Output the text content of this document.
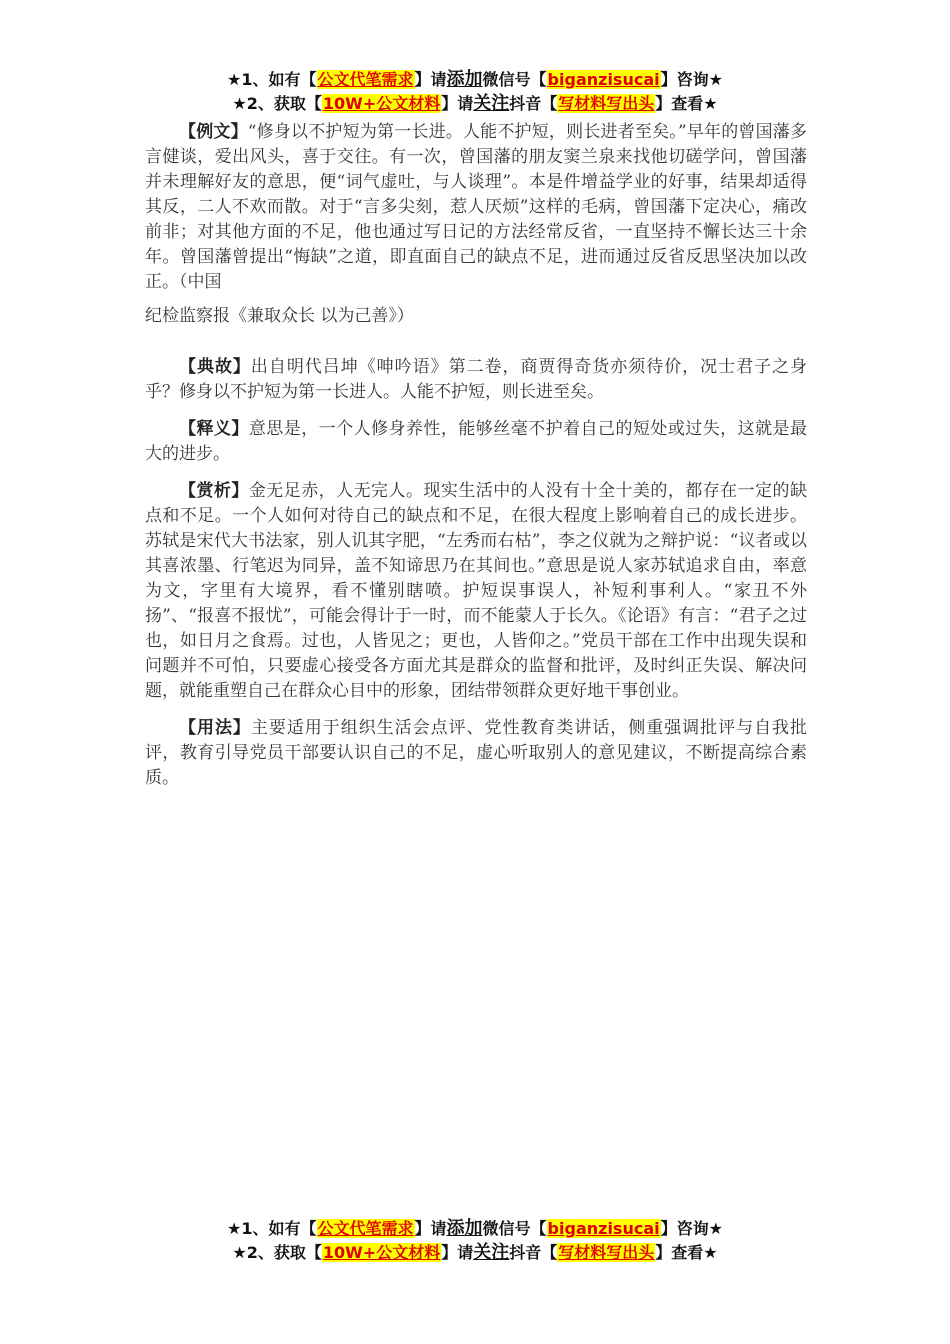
★1、如有【公文代笔需求】请添加微信号【biganzisucai】咨询★
★2、获取【10W+公文材料】请关注抖音【写材料写出头】查看★

【例文】“修身以不护短为第一长进。人能不护短，则长进者至矣。”早年的曾国藩多言健谈，爱出风头，喜于交往。有一次，曾国藩的朋友窦兰泉来找他切磋学问，曾国藩并未理解好友的意思，便“词气虚吐，与人谈理”。本是件增益学业的好事，结果却适得其反，二人不欢而散。对于“言多尖刻，惹人厌烦”这样的毛病，曾国藩下定决心，痛改前非；对其他方面的不足，他也通过写日记的方法经常反省，一直坚持不懈长达三十余年。曾国藩曾提出“悔缺”之道，即直面自己的缺点不足，进而通过反省反思坚决加以改正。（中国

纪检监察报《兼取众长 以为己善》）

【典故】出自明代吕坤《呻吟语》第二卷，商贾得奇货亦须待价，况士君子之身乎？修身以不护短为第一长进人。人能不护短，则长进至矣。

【释义】意思是，一个人修身养性，能够丝毫不护着自己的短处或过失，这就是最大的进步。

【赏析】金无足赤，人无完人。现实生活中的人没有十全十美的，都存在一定的缺点和不足。一个人如何对待自己的缺点和不足，在很大程度上影响着自己的成长进步。苏轼是宋代大书法家，别人讥其字肥，“左秀而右枯”，李之仪就为之辩护说：“议者或以其喜浓墨、行笔迟为同异，盖不知谛思乃在其间也。”意思是说人家苏轼追求自由，率意为文，字里有大境界，看不懂别瞎喷。护短误事误人，补短利事利人。“家丑不外扬”、“报喜不报忧”，可能会得计于一时，而不能蒙人于长久。《论语》有言：“君子之过也，如日月之食焉。过也，人皆见之；更也，人皆仰之。”党员干部在工作中出现失误和问题并不可怕，只要虚心接受各方面尤其是群众的监督和批评，及时纠正失误、解决问题，就能重塑自己在群众心目中的形象，团结带领群众更好地干事创业。

【用法】主要适用于组织生活会点评、党性教育类讲话，侧重强调批评与自我批评，教育引导党员干部要认识自己的不足，虚心听取别人的意见建议，不断提高综合素质。

★1、如有【公文代笔需求】请添加微信号【biganzisucai】咨询★
★2、获取【10W+公文材料】请关注抖音【写材料写出头】查看★
